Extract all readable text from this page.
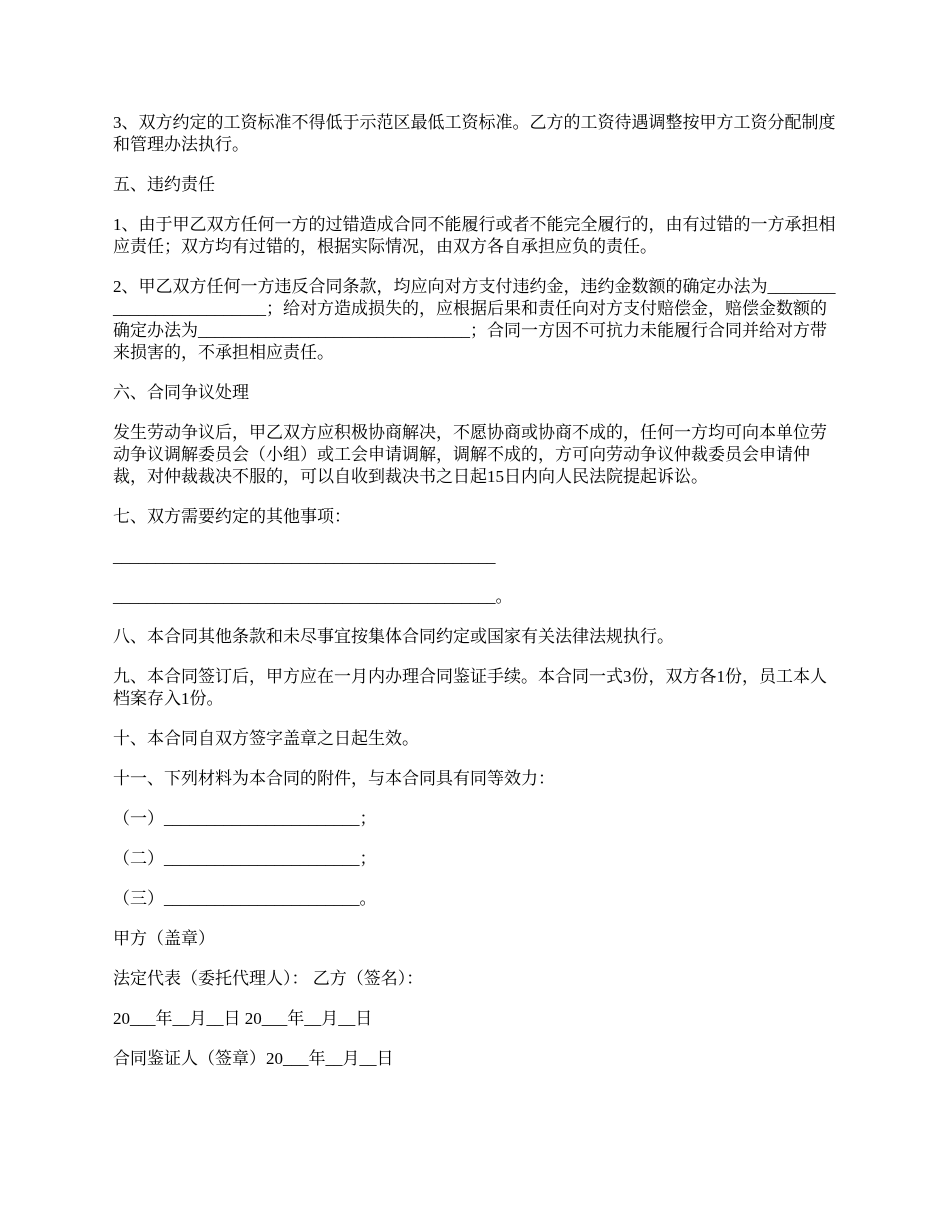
3、双方约定的工资标准不得低于示范区最低工资标准。乙方的工资待遇调整按甲方工资分配制度和管理办法执行。

五、违约责任

1、由于甲乙双方任何一方的过错造成合同不能履行或者不能完全履行的，由有过错的一方承担相应责任；双方均有过错的，根据实际情况，由双方各自承担应负的责任。

2、甲乙双方任何一方违反合同条款，均应向对方支付违约金，违约金数额的确定办法为__________________________；给对方造成损失的，应根据后果和责任向对方支付赔偿金，赔偿金数额的确定办法为________________________________；合同一方因不可抗力未能履行合同并给对方带来损害的，不承担相应责任。

六、合同争议处理

发生劳动争议后，甲乙双方应积极协商解决，不愿协商或协商不成的，任何一方均可向本单位劳动争议调解委员会（小组）或工会申请调解，调解不成的，方可向劳动争议仲裁委员会申请仲裁，对仲裁裁决不服的，可以自收到裁决书之日起15日内向人民法院提起诉讼。

七、双方需要约定的其他事项：

_____________________________________________

_____________________________________________。

八、本合同其他条款和未尽事宜按集体合同约定或国家有关法律法规执行。

九、本合同签订后，甲方应在一月内办理合同鉴证手续。本合同一式3份，双方各1份，员工本人档案存入1份。

十、本合同自双方签字盖章之日起生效。

十一、下列材料为本合同的附件，与本合同具有同等效力：

（一）_______________________；

（二）_______________________；

（三）_______________________。

甲方（盖章）

法定代表（委托代理人）： 乙方（签名）：

20___年__月__日 20___年__月__日

合同鉴证人（签章）20___年__月__日
